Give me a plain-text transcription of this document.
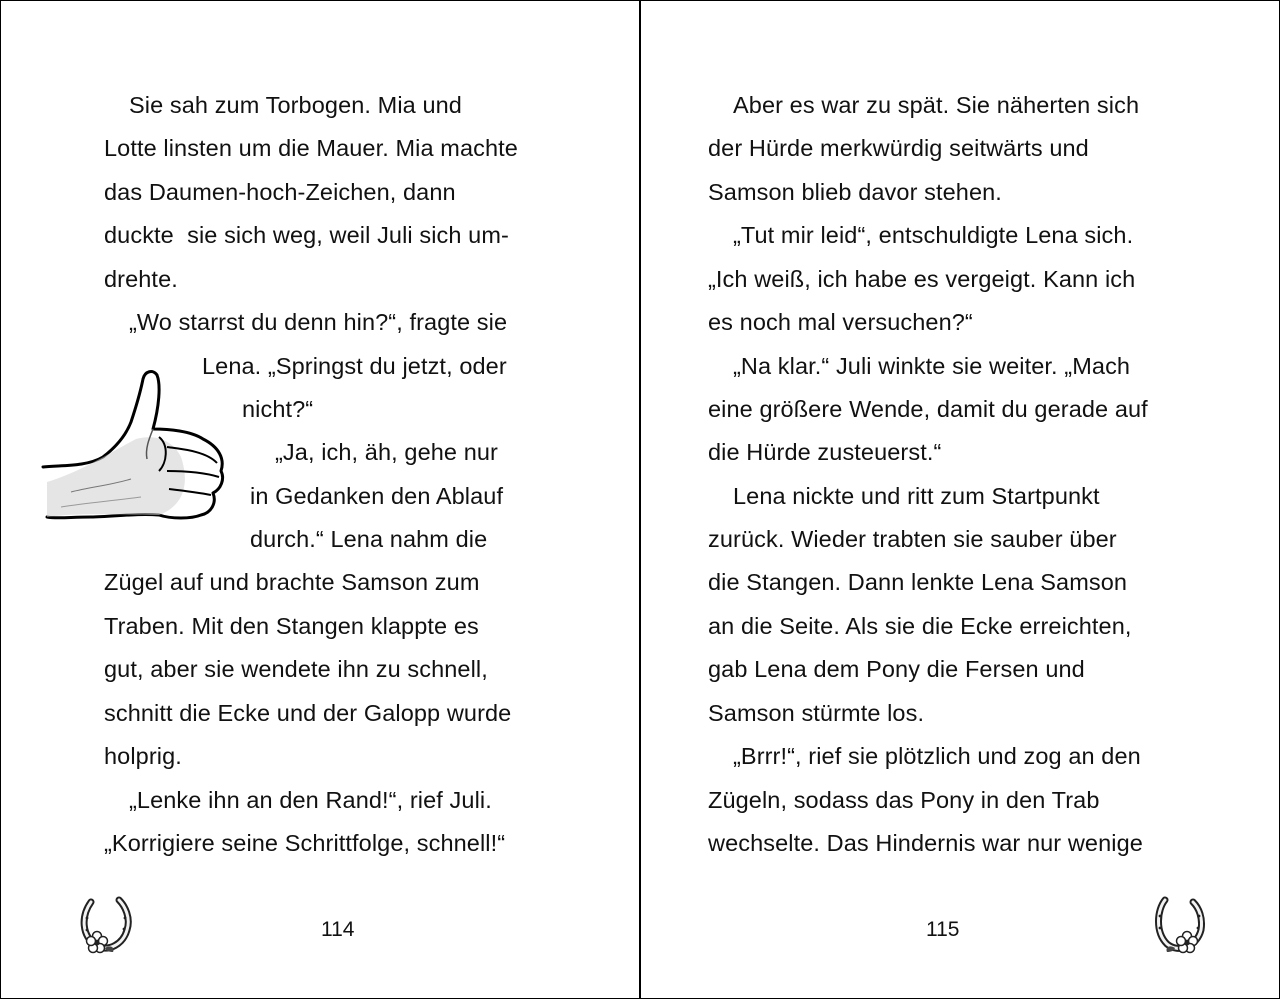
Sie sah zum Torbogen. Mia und
Lotte linsten um die Mauer. Mia machte
das Daumen-hoch-Zeichen, dann
duckte  sie sich weg, weil Juli sich um-
drehte.
„Wo starrst du denn hin?“, fragte sie
Lena. „Springst du jetzt, oder
nicht?“
„Ja, ich, äh, gehe nur
in Gedanken den Ablauf
durch.“ Lena nahm die
Zügel auf und brachte Samson zum
Traben. Mit den Stangen klappte es
gut, aber sie wendete ihn zu schnell,
schnitt die Ecke und der Galopp wurde
holprig.
„Lenke ihn an den Rand!“, rief Juli.
„Korrigiere seine Schrittfolge, schnell!“
114
Aber es war zu spät. Sie näherten sich
der Hürde merkwürdig seitwärts und
Samson blieb davor stehen.
„Tut mir leid“, entschuldigte Lena sich.
„Ich weiß, ich habe es vergeigt. Kann ich
es noch mal versuchen?“
„Na klar.“ Juli winkte sie weiter. „Mach
eine größere Wende, damit du gerade auf
die Hürde zusteuerst.“
Lena nickte und ritt zum Startpunkt
zurück. Wieder trabten sie sauber über
die Stangen. Dann lenkte Lena Samson
an die Seite. Als sie die Ecke erreichten,
gab Lena dem Pony die Fersen und
Samson stürmte los.
„Brrr!“, rief sie plötzlich und zog an den
Zügeln, sodass das Pony in den Trab
wechselte. Das Hindernis war nur wenige
115
